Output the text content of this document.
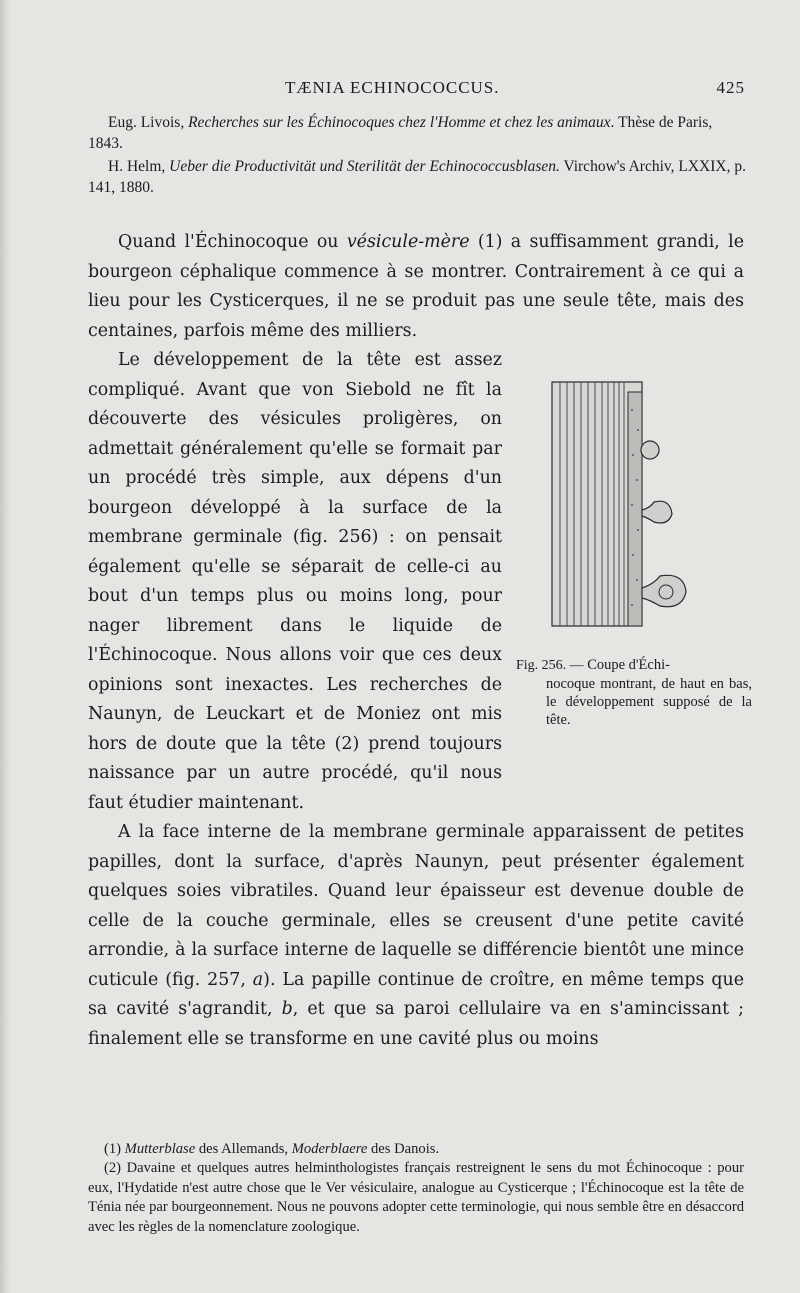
TÆNIA ECHINOCOCCUS.	425

Eug. Livois, Recherches sur les Échinocoques chez l'Homme et chez les animaux. Thèse de Paris, 1843.

H. Helm, Ueber die Productivität und Sterilität der Echinococcusblasen. Virchow's Archiv, LXXIX, p. 141, 1880.

Quand l'Échinocoque ou vésicule-mère (1) a suffisamment grandi, le bourgeon céphalique commence à se montrer. Contrairement à ce qui a lieu pour les Cysticerques, il ne se produit pas une seule tête, mais des centaines, parfois même des milliers.

Fig. 256. — Coupe d'Échi-
nocoque montrant, de haut en bas, le développement supposé de la tête.

Le développement de la tête est assez compliqué. Avant que von Siebold ne fît la découverte des vésicules proligères, on admettait généralement qu'elle se formait par un procédé très simple, aux dépens d'un bourgeon développé à la surface de la membrane germinale (fig. 256) : on pensait également qu'elle se séparait de celle-ci au bout d'un temps plus ou moins long, pour nager librement dans le liquide de l'Échinocoque. Nous allons voir que ces deux opinions sont inexactes. Les recherches de Naunyn, de Leuckart et de Moniez ont mis hors de doute que la tête (2) prend toujours naissance par un autre procédé, qu'il nous faut étudier maintenant.

A la face interne de la membrane germinale apparaissent de petites papilles, dont la surface, d'après Naunyn, peut présenter également quelques soies vibratiles. Quand leur épaisseur est devenue double de celle de la couche germinale, elles se creusent d'une petite cavité arrondie, à la surface interne de laquelle se différencie bientôt une mince cuticule (fig. 257, a). La papille continue de croître, en même temps que sa cavité s'agrandit, b, et que sa paroi cellulaire va en s'amincissant ; finalement elle se transforme en une cavité plus ou moins

(1) Mutterblase des Allemands, Moderblaere des Danois.

(2) Davaine et quelques autres helminthologistes français restreignent le sens du mot Échinocoque : pour eux, l'Hydatide n'est autre chose que le Ver vésiculaire, analogue au Cysticerque ; l'Échinocoque est la tête de Ténia née par bourgeonnement. Nous ne pouvons adopter cette terminologie, qui nous semble être en désaccord avec les règles de la nomenclature zoologique.
